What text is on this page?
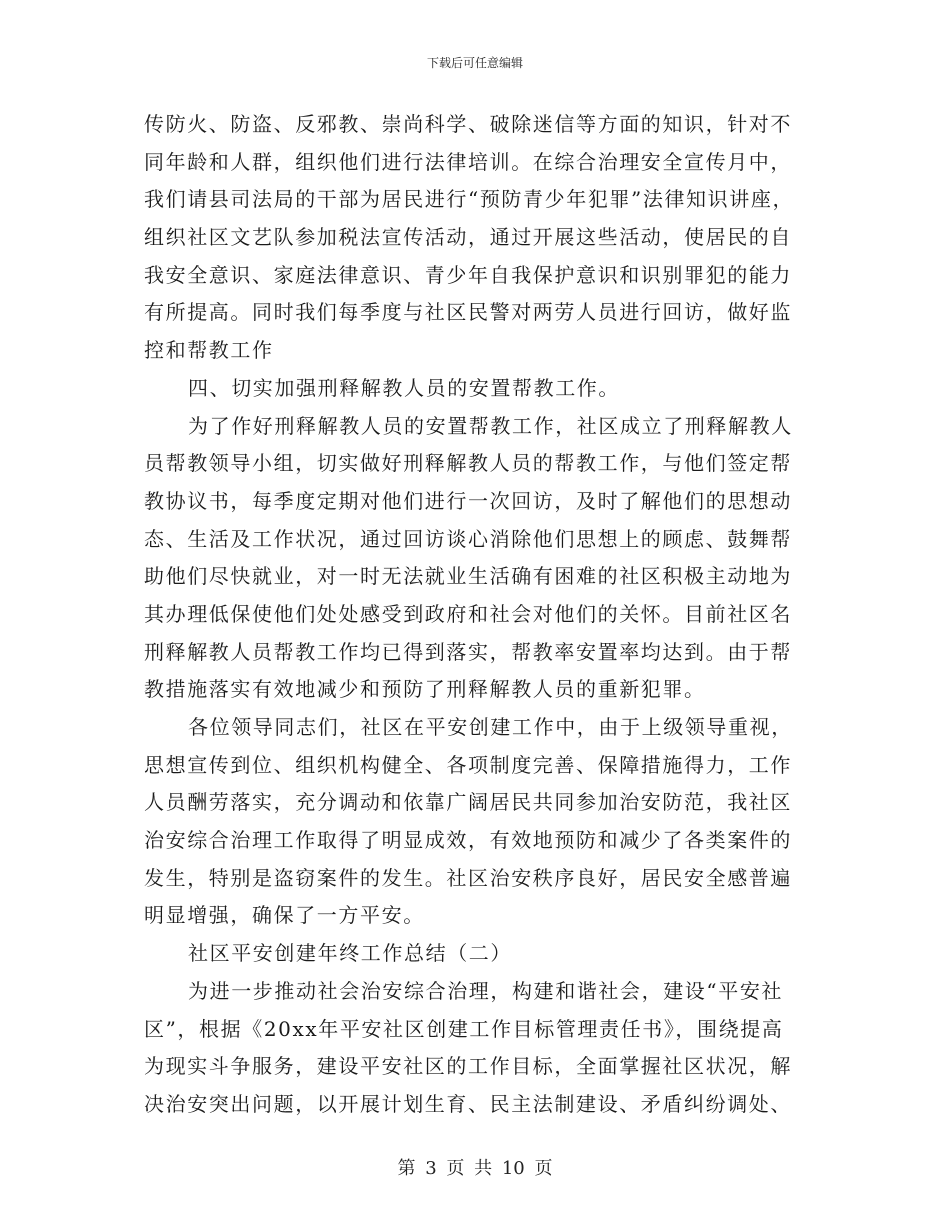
下载后可任意编辑
传防火、防盗、反邪教、崇尚科学、破除迷信等方面的知识，针对不
同年龄和人群，组织他们进行法律培训。在综合治理安全宣传月中，
我们请县司法局的干部为居民进行“预防青少年犯罪”法律知识讲座，
组织社区文艺队参加税法宣传活动，通过开展这些活动，使居民的自
我安全意识、家庭法律意识、青少年自我保护意识和识别罪犯的能力
有所提高。同时我们每季度与社区民警对两劳人员进行回访，做好监
控和帮教工作
四、切实加强刑释解教人员的安置帮教工作。
为了作好刑释解教人员的安置帮教工作，社区成立了刑释解教人
员帮教领导小组，切实做好刑释解教人员的帮教工作，与他们签定帮
教协议书，每季度定期对他们进行一次回访，及时了解他们的思想动
态、生活及工作状况，通过回访谈心消除他们思想上的顾虑、鼓舞帮
助他们尽快就业，对一时无法就业生活确有困难的社区积极主动地为
其办理低保使他们处处感受到政府和社会对他们的关怀。目前社区名
刑释解教人员帮教工作均已得到落实，帮教率安置率均达到。由于帮
教措施落实有效地减少和预防了刑释解教人员的重新犯罪。
各位领导同志们，社区在平安创建工作中，由于上级领导重视，
思想宣传到位、组织机构健全、各项制度完善、保障措施得力，工作
人员酬劳落实，充分调动和依靠广阔居民共同参加治安防范，我社区
治安综合治理工作取得了明显成效，有效地预防和减少了各类案件的
发生，特别是盗窃案件的发生。社区治安秩序良好，居民安全感普遍
明显增强，确保了一方平安。
社区平安创建年终工作总结（二）
为进一步推动社会治安综合治理，构建和谐社会，建设“平安社
区”，根据《20xx年平安社区创建工作目标管理责任书》，围绕提高
为现实斗争服务，建设平安社区的工作目标，全面掌握社区状况，解
决治安突出问题，以开展计划生育、民主法制建设、矛盾纠纷调处、
第 3 页 共 10 页
